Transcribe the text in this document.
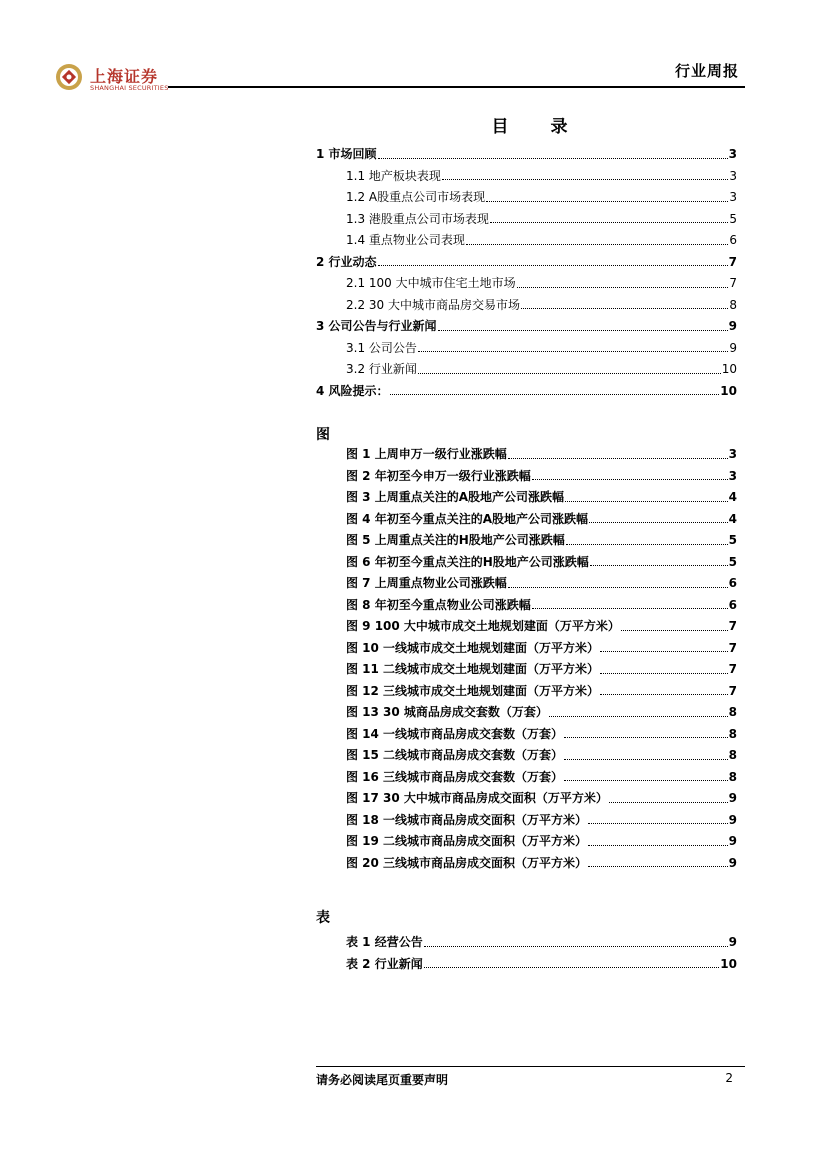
上海证券
SHANGHAI SECURITIES
行业周报
目 录
1 市场回顾	3
1.1 地产板块表现	3
1.2 A股重点公司市场表现	3
1.3 港股重点公司市场表现	5
1.4 重点物业公司表现	6
2 行业动态	7
2.1 100 大中城市住宅土地市场	7
2.2 30 大中城市商品房交易市场	8
3 公司公告与行业新闻	9
3.1 公司公告	9
3.2 行业新闻	10
4 风险提示：	10
图
图 1 上周申万一级行业涨跌幅	3
图 2 年初至今申万一级行业涨跌幅	3
图 3 上周重点关注的A股地产公司涨跌幅	4
图 4 年初至今重点关注的A股地产公司涨跌幅	4
图 5 上周重点关注的H股地产公司涨跌幅	5
图 6 年初至今重点关注的H股地产公司涨跌幅	5
图 7 上周重点物业公司涨跌幅	6
图 8 年初至今重点物业公司涨跌幅	6
图 9 100 大中城市成交土地规划建面（万平方米）	7
图 10 一线城市成交土地规划建面（万平方米）	7
图 11 二线城市成交土地规划建面（万平方米）	7
图 12 三线城市成交土地规划建面（万平方米）	7
图 13 30 城商品房成交套数（万套）	8
图 14 一线城市商品房成交套数（万套）	8
图 15 二线城市商品房成交套数（万套）	8
图 16 三线城市商品房成交套数（万套）	8
图 17 30 大中城市商品房成交面积（万平方米）	9
图 18 一线城市商品房成交面积（万平方米）	9
图 19 二线城市商品房成交面积（万平方米）	9
图 20 三线城市商品房成交面积（万平方米）	9
表
表 1 经营公告	9
表 2 行业新闻	10
请务必阅读尾页重要声明	2
